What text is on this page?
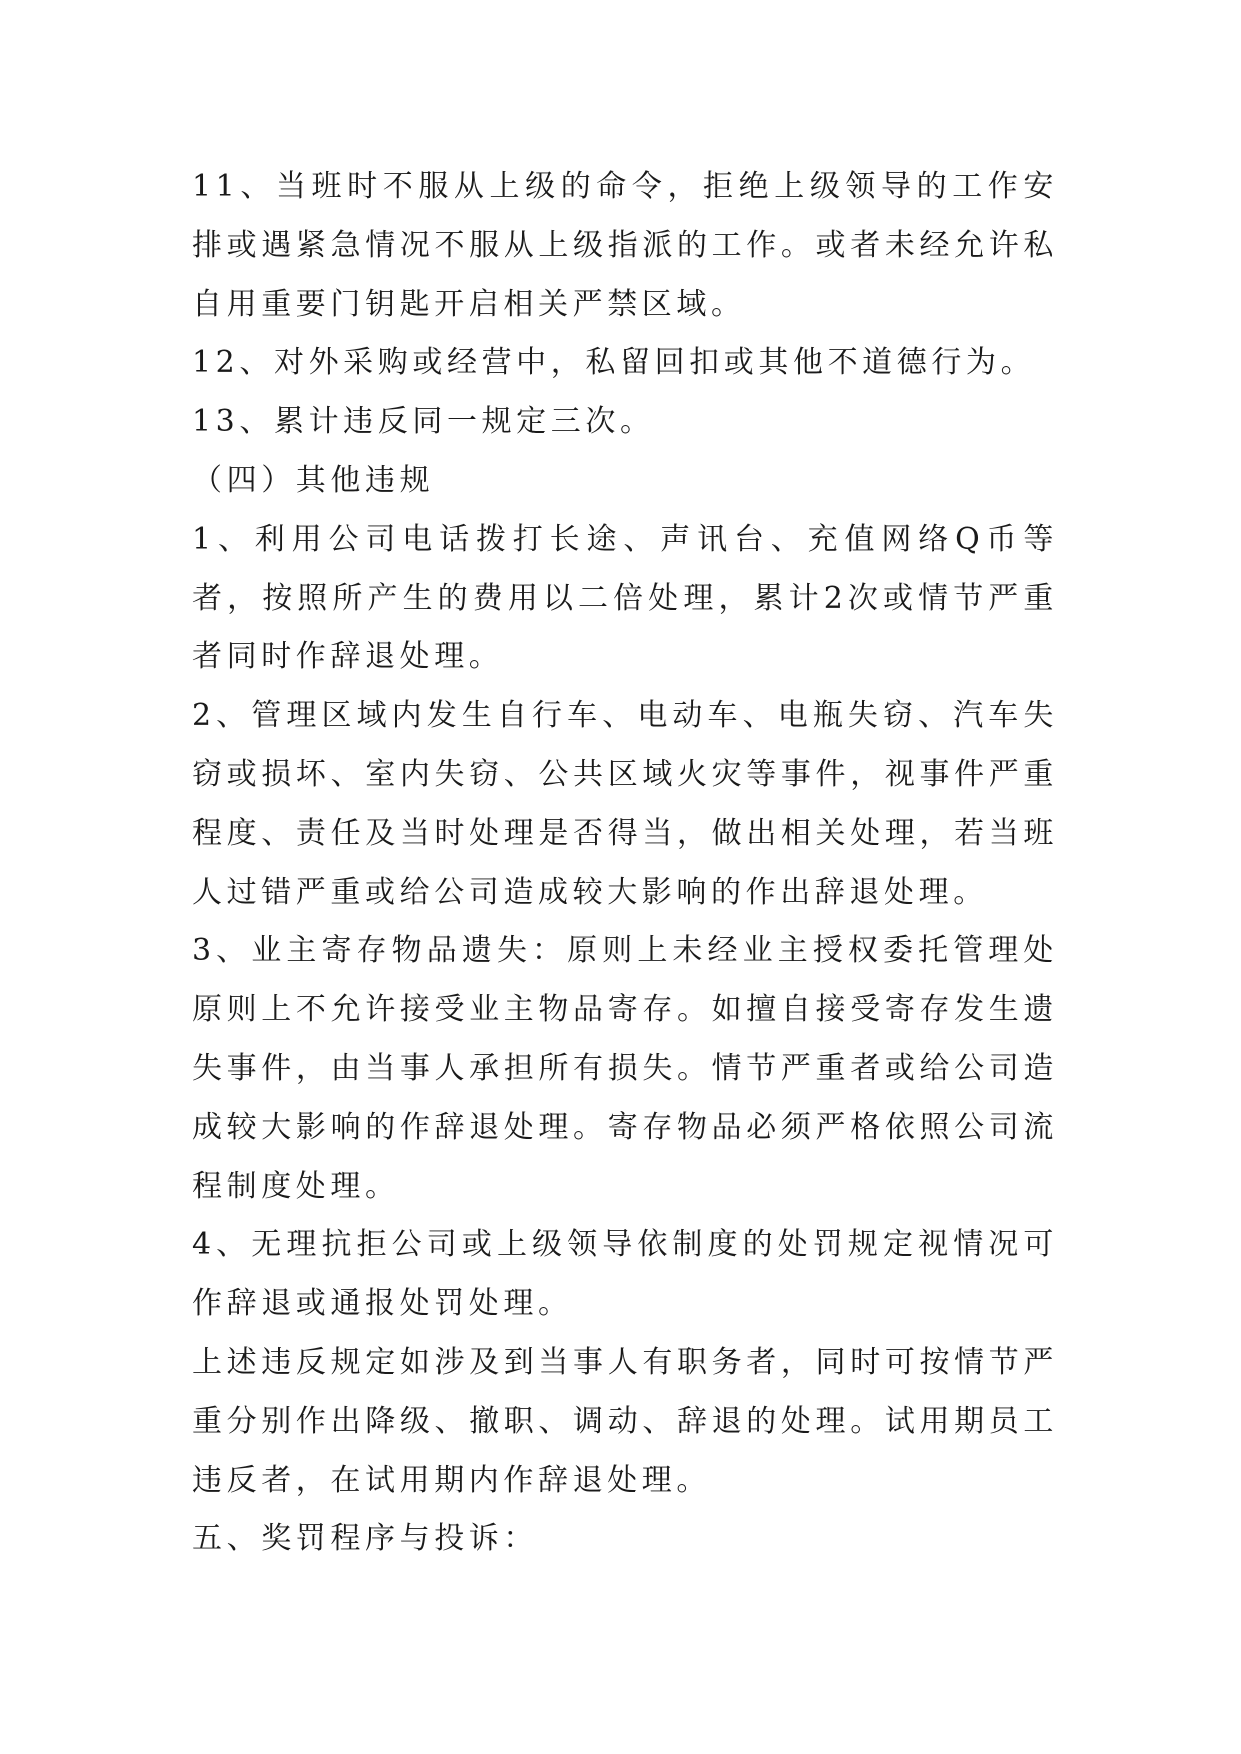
11、当班时不服从上级的命令，拒绝上级领导的工作安排或遇紧急情况不服从上级指派的工作。或者未经允许私自用重要门钥匙开启相关严禁区域。

12、对外采购或经营中，私留回扣或其他不道德行为。

13、累计违反同一规定三次。

（四）其他违规

1、利用公司电话拨打长途、声讯台、充值网络Q币等者，按照所产生的费用以二倍处理，累计2次或情节严重者同时作辞退处理。

2、管理区域内发生自行车、电动车、电瓶失窃、汽车失窃或损坏、室内失窃、公共区域火灾等事件，视事件严重程度、责任及当时处理是否得当，做出相关处理，若当班人过错严重或给公司造成较大影响的作出辞退处理。

3、业主寄存物品遗失：原则上未经业主授权委托管理处原则上不允许接受业主物品寄存。如擅自接受寄存发生遗失事件，由当事人承担所有损失。情节严重者或给公司造成较大影响的作辞退处理。寄存物品必须严格依照公司流程制度处理。

4、无理抗拒公司或上级领导依制度的处罚规定视情况可作辞退或通报处罚处理。

上述违反规定如涉及到当事人有职务者，同时可按情节严重分别作出降级、撤职、调动、辞退的处理。试用期员工违反者，在试用期内作辞退处理。

五、奖罚程序与投诉：
